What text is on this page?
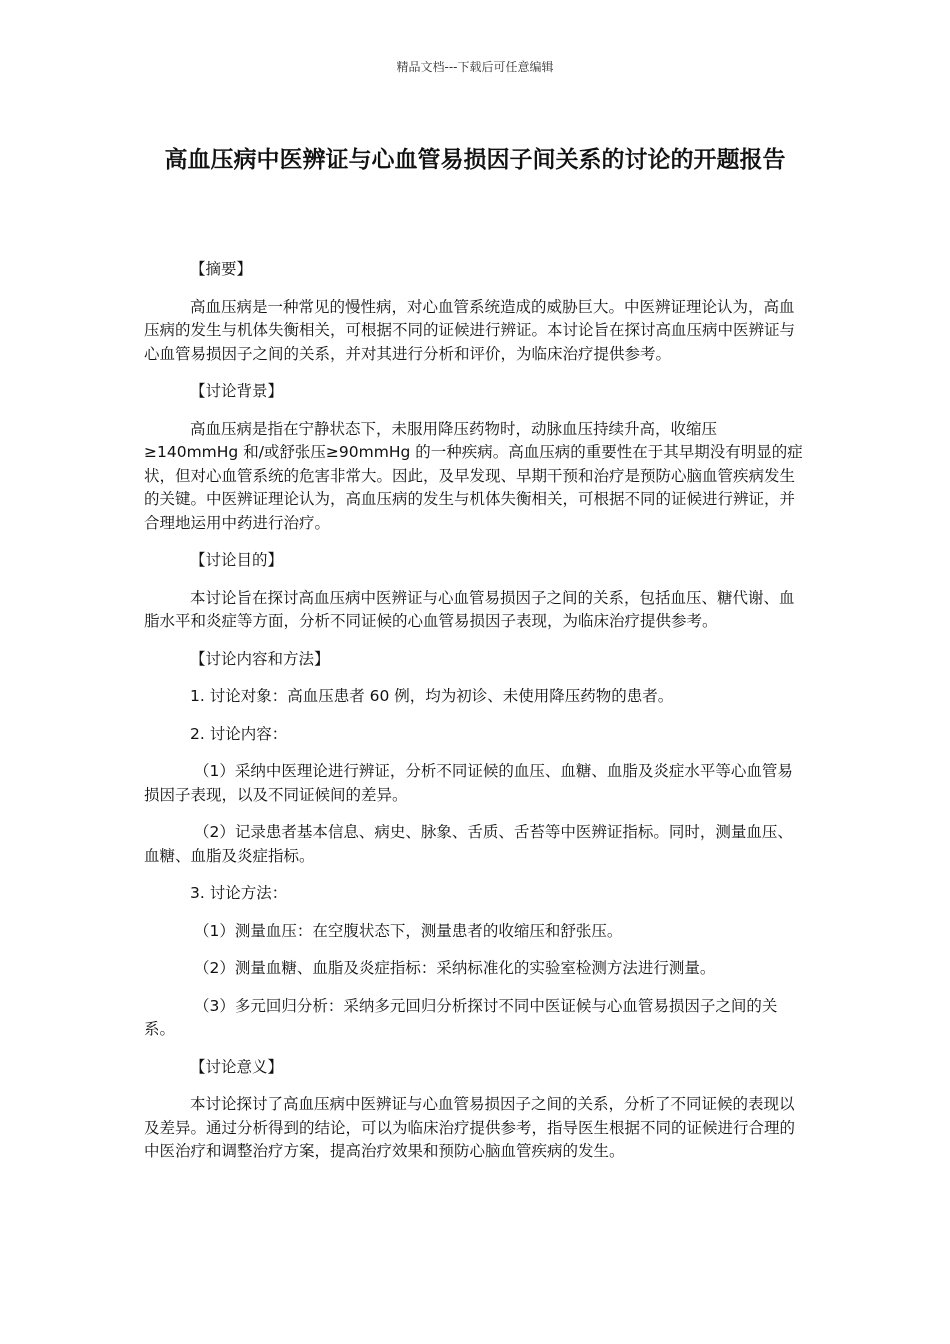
精品文档---下载后可任意编辑
高血压病中医辨证与心血管易损因子间关系的讨论的开题报告

【摘要】

高血压病是一种常见的慢性病，对心血管系统造成的威胁巨大。中医辨证理论认为，高血压病的发生与机体失衡相关，可根据不同的证候进行辨证。本讨论旨在探讨高血压病中医辨证与心血管易损因子之间的关系，并对其进行分析和评价，为临床治疗提供参考。

【讨论背景】

高血压病是指在宁静状态下，未服用降压药物时，动脉血压持续升高，收缩压≥140mmHg 和/或舒张压≥90mmHg 的一种疾病。高血压病的重要性在于其早期没有明显的症状，但对心血管系统的危害非常大。因此，及早发现、早期干预和治疗是预防心脑血管疾病发生的关键。中医辨证理论认为，高血压病的发生与机体失衡相关，可根据不同的证候进行辨证，并合理地运用中药进行治疗。

【讨论目的】

本讨论旨在探讨高血压病中医辨证与心血管易损因子之间的关系，包括血压、糖代谢、血脂水平和炎症等方面，分析不同证候的心血管易损因子表现，为临床治疗提供参考。

【讨论内容和方法】

1. 讨论对象：高血压患者 60 例，均为初诊、未使用降压药物的患者。

2. 讨论内容：

（1）采纳中医理论进行辨证，分析不同证候的血压、血糖、血脂及炎症水平等心血管易损因子表现，以及不同证候间的差异。

（2）记录患者基本信息、病史、脉象、舌质、舌苔等中医辨证指标。同时，测量血压、血糖、血脂及炎症指标。

3. 讨论方法：

（1）测量血压：在空腹状态下，测量患者的收缩压和舒张压。

（2）测量血糖、血脂及炎症指标：采纳标准化的实验室检测方法进行测量。

（3）多元回归分析：采纳多元回归分析探讨不同中医证候与心血管易损因子之间的关系。

【讨论意义】

本讨论探讨了高血压病中医辨证与心血管易损因子之间的关系，分析了不同证候的表现以及差异。通过分析得到的结论，可以为临床治疗提供参考，指导医生根据不同的证候进行合理的中医治疗和调整治疗方案，提高治疗效果和预防心脑血管疾病的发生。
